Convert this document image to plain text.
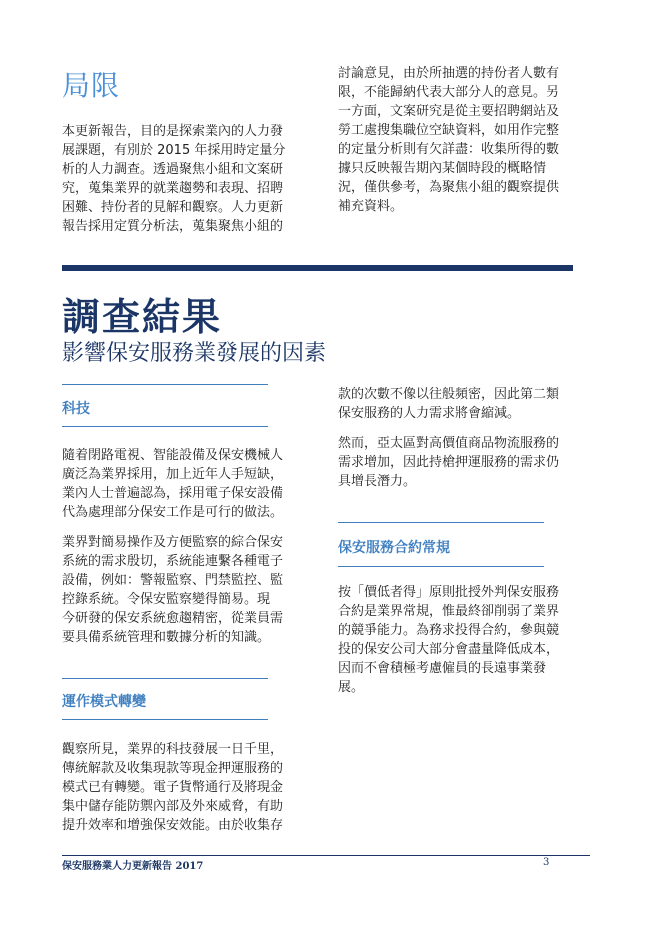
局限

本更新報告，目的是探索業內的人力發
展課題，有別於 2015 年採用時定量分
析的人力調查。透過聚焦小組和文案研
究，蒐集業界的就業趨勢和表現、招聘
困難、持份者的見解和觀察。人力更新
報告採用定質分析法，蒐集聚焦小組的

討論意見，由於所抽選的持份者人數有
限，不能歸納代表大部分人的意見。另
一方面，文案研究是從主要招聘網站及
勞工處搜集職位空缺資料，如用作完整
的定量分析則有欠詳盡：收集所得的數
據只反映報告期內某個時段的概略情
況，僅供參考，為聚焦小組的觀察提供
補充資料。

調查結果
影響保安服務業發展的因素
科技

隨着閉路電視、智能設備及保安機械人
廣泛為業界採用，加上近年人手短缺，
業內人士普遍認為，採用電子保安設備
代為處理部分保安工作是可行的做法。

業界對簡易操作及方便監察的綜合保安
系統的需求殷切，系統能連繫各種電子
設備，例如：警報監察、門禁監控、監
控錄系統。令保安監察變得簡易。現
今研發的保安系統愈趨精密，從業員需
要具備系統管理和數據分析的知識。

運作模式轉變

觀察所見，業界的科技發展一日千里，
傳統解款及收集現款等現金押運服務的
模式已有轉變。電子貨幣通行及將現金
集中儲存能防禦內部及外來威脅，有助
提升效率和增強保安效能。由於收集存

款的次數不像以往般頻密，因此第二類
保安服務的人力需求將會縮減。

然而，亞太區對高價值商品物流服務的
需求增加，因此持槍押運服務的需求仍
具增長潛力。

保安服務合約常規

按「價低者得」原則批授外判保安服務
合約是業界常規，惟最終卻削弱了業界
的競爭能力。為務求投得合約，參與競
投的保安公司大部分會盡量降低成本，
因而不會積極考慮僱員的長遠事業發
展。

保安服務業人力更新報告 2017	3
